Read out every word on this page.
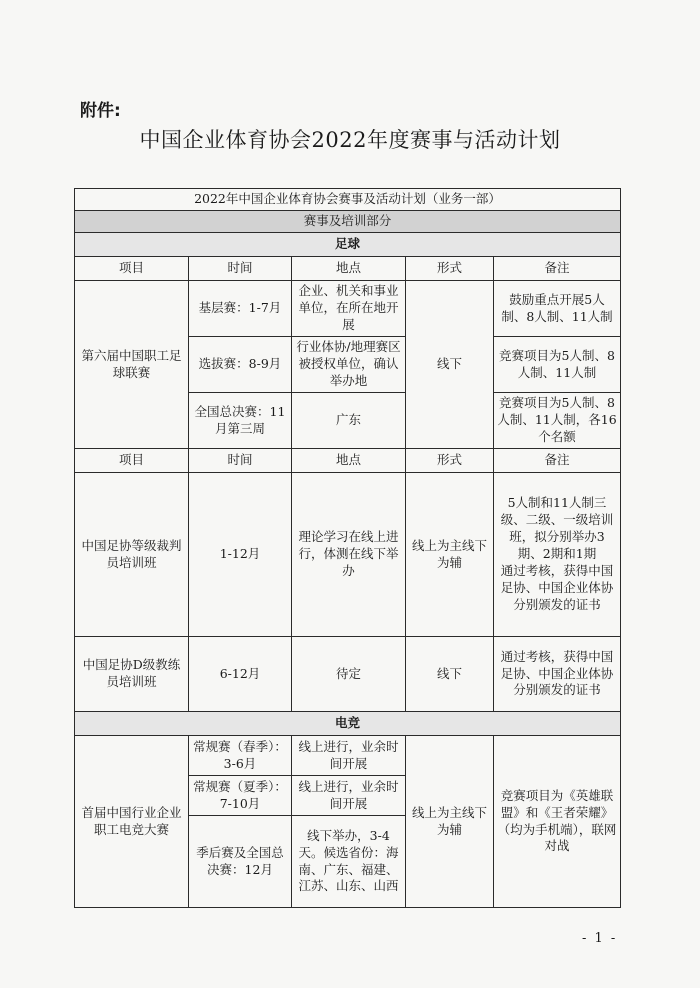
附件:

中国企业体育协会2022年度赛事与活动计划
2022年中国企业体育协会赛事及活动计划（业务一部）				
赛事及培训部分				
足球				
项目	时间	地点	形式	备注
第六届中国职工足球联赛	基层赛：1-7月	企业、机关和事业单位，在所在地开展	线下	鼓励重点开展5人制、8人制、11人制
	选拔赛：8-9月	行业体协/地理赛区被授权单位，确认举办地		竞赛项目为5人制、8人制、11人制
	全国总决赛：11月第三周	广东		竞赛项目为5人制、8人制、11人制，各16个名额
项目	时间	地点	形式	备注
中国足协等级裁判员培训班	1-12月	理论学习在线上进行，体测在线下举办	线上为主线下为辅	5人制和11人制三级、二级、一级培训班，拟分别举办3期、2期和1期
通过考核，获得中国足协、中国企业体协分别颁发的证书
中国足协D级教练员培训班	6-12月	待定	线下	通过考核，获得中国足协、中国企业体协分别颁发的证书
电竞				
首届中国行业企业职工电竞大赛	常规赛（春季）：3-6月	线上进行，业余时间开展	线上为主线下为辅	竞赛项目为《英雄联盟》和《王者荣耀》（均为手机端），联网对战
	常规赛（夏季）：7-10月	线上进行，业余时间开展		
	季后赛及全国总决赛：12月	线下举办，3-4天。候选省份：海南、广东、福建、江苏、山东、山西		
- 1 -
